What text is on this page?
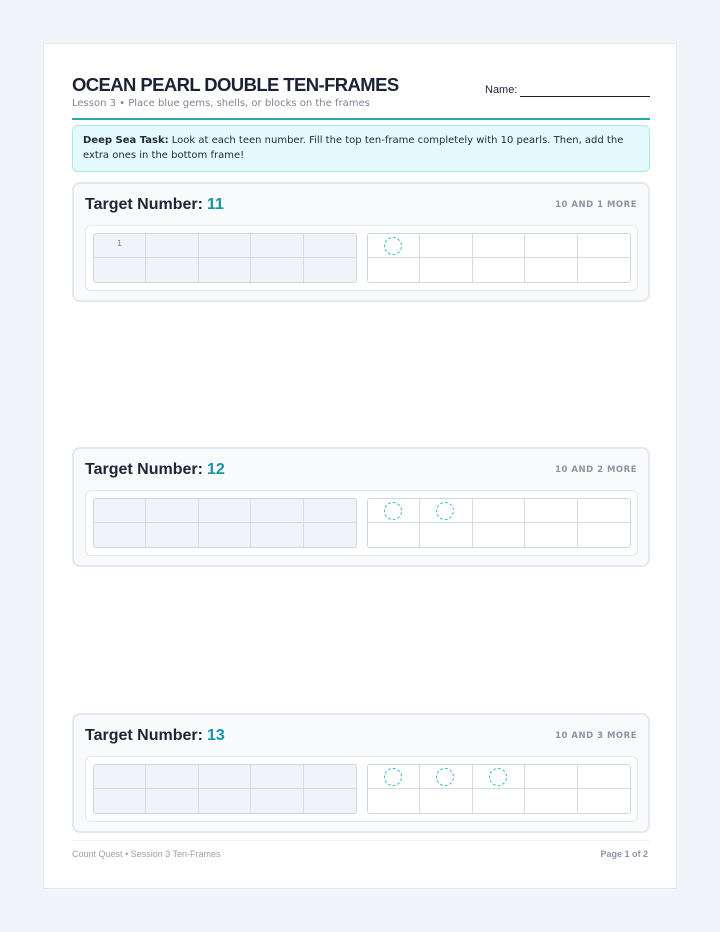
OCEAN PEARL DOUBLE TEN-FRAMES
Lesson 3 • Place blue gems, shells, or blocks on the frames
Name:
Deep Sea Task: Look at each teen number. Fill the top ten-frame completely with 10 pearls. Then, add the extra ones in the bottom frame!
Target Number: 11	10 AND 1 MORE
1
Target Number: 12	10 AND 2 MORE
Target Number: 13	10 AND 3 MORE
Count Quest • Session 3 Ten-Frames	Page 1 of 2
